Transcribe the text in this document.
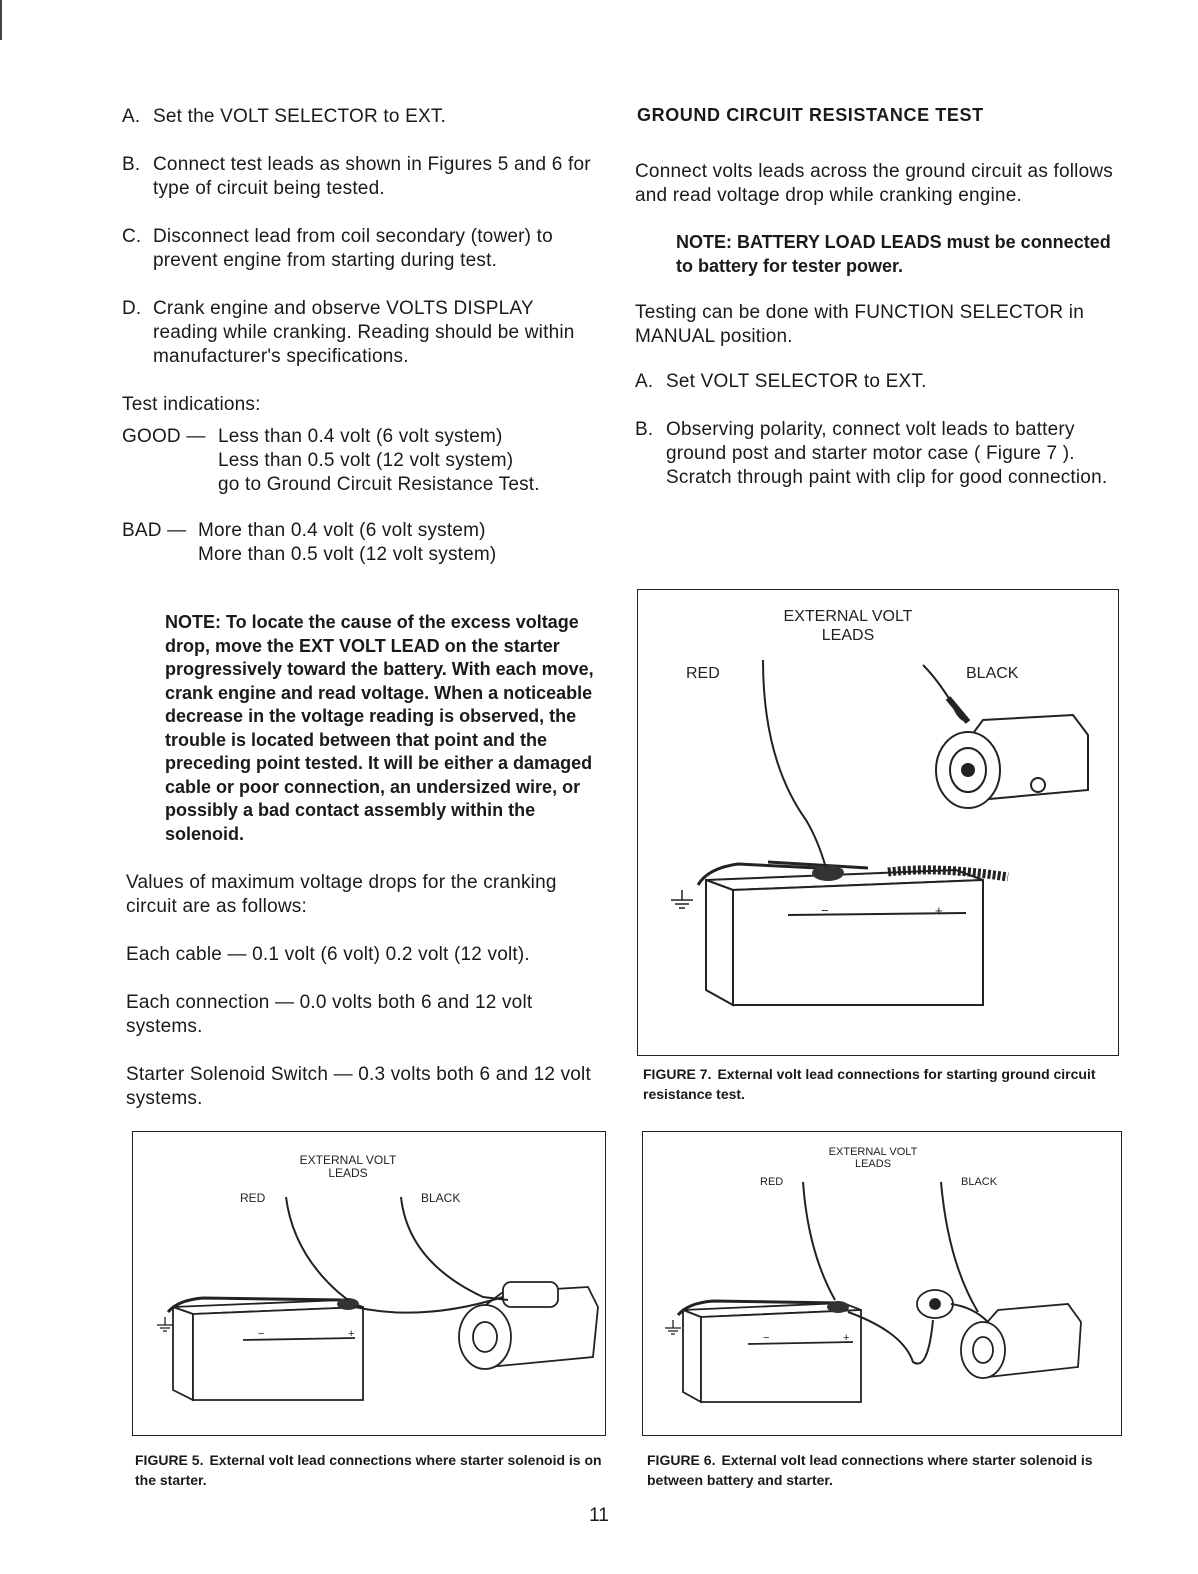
A. Set the VOLT SELECTOR to EXT.
B. Connect test leads as shown in Figures 5 and 6 for type of circuit being tested.
C. Disconnect lead from coil secondary (tower) to prevent engine from starting during test.
D. Crank engine and observe VOLTS DISPLAY reading while cranking. Reading should be within manufacturer's specifications.
Test indications:
GOOD — Less than 0.4 volt (6 volt system)
Less than 0.5 volt (12 volt system)
go to Ground Circuit Resistance Test.
BAD — More than 0.4 volt (6 volt system)
More than 0.5 volt (12 volt system)
NOTE: To locate the cause of the excess voltage drop, move the EXT VOLT LEAD on the starter progressively toward the battery. With each move, crank engine and read voltage. When a noticeable decrease in the voltage reading is observed, the trouble is located between that point and the preceding point tested. It will be either a damaged cable or poor connection, an undersized wire, or possibly a bad contact assembly within the solenoid.
Values of maximum voltage drops for the cranking circuit are as follows:
Each cable — 0.1 volt (6 volt) 0.2 volt (12 volt).
Each connection — 0.0 volts both 6 and 12 volt systems.
Starter Solenoid Switch — 0.3 volts both 6 and 12 volt systems.
GROUND CIRCUIT RESISTANCE TEST
Connect volts leads across the ground circuit as follows and read voltage drop while cranking engine.
NOTE: BATTERY LOAD LEADS must be connected to battery for tester power.
Testing can be done with FUNCTION SELECTOR in MANUAL position.
A. Set VOLT SELECTOR to EXT.
B. Observing polarity, connect volt leads to battery ground post and starter motor case ( Figure 7 ). Scratch through paint with clip for good connection.
EXTERNAL VOLT LEADS
RED	BLACK
−	+
FIGURE 7. External volt lead connections for starting ground circuit resistance test.
EXTERNAL VOLT LEADS
RED	BLACK
−	+
FIGURE 5. External volt lead connections where starter solenoid is on the starter.
EXTERNAL VOLT LEADS
RED	BLACK
−	+
FIGURE 6. External volt lead connections where starter solenoid is between battery and starter.
11
